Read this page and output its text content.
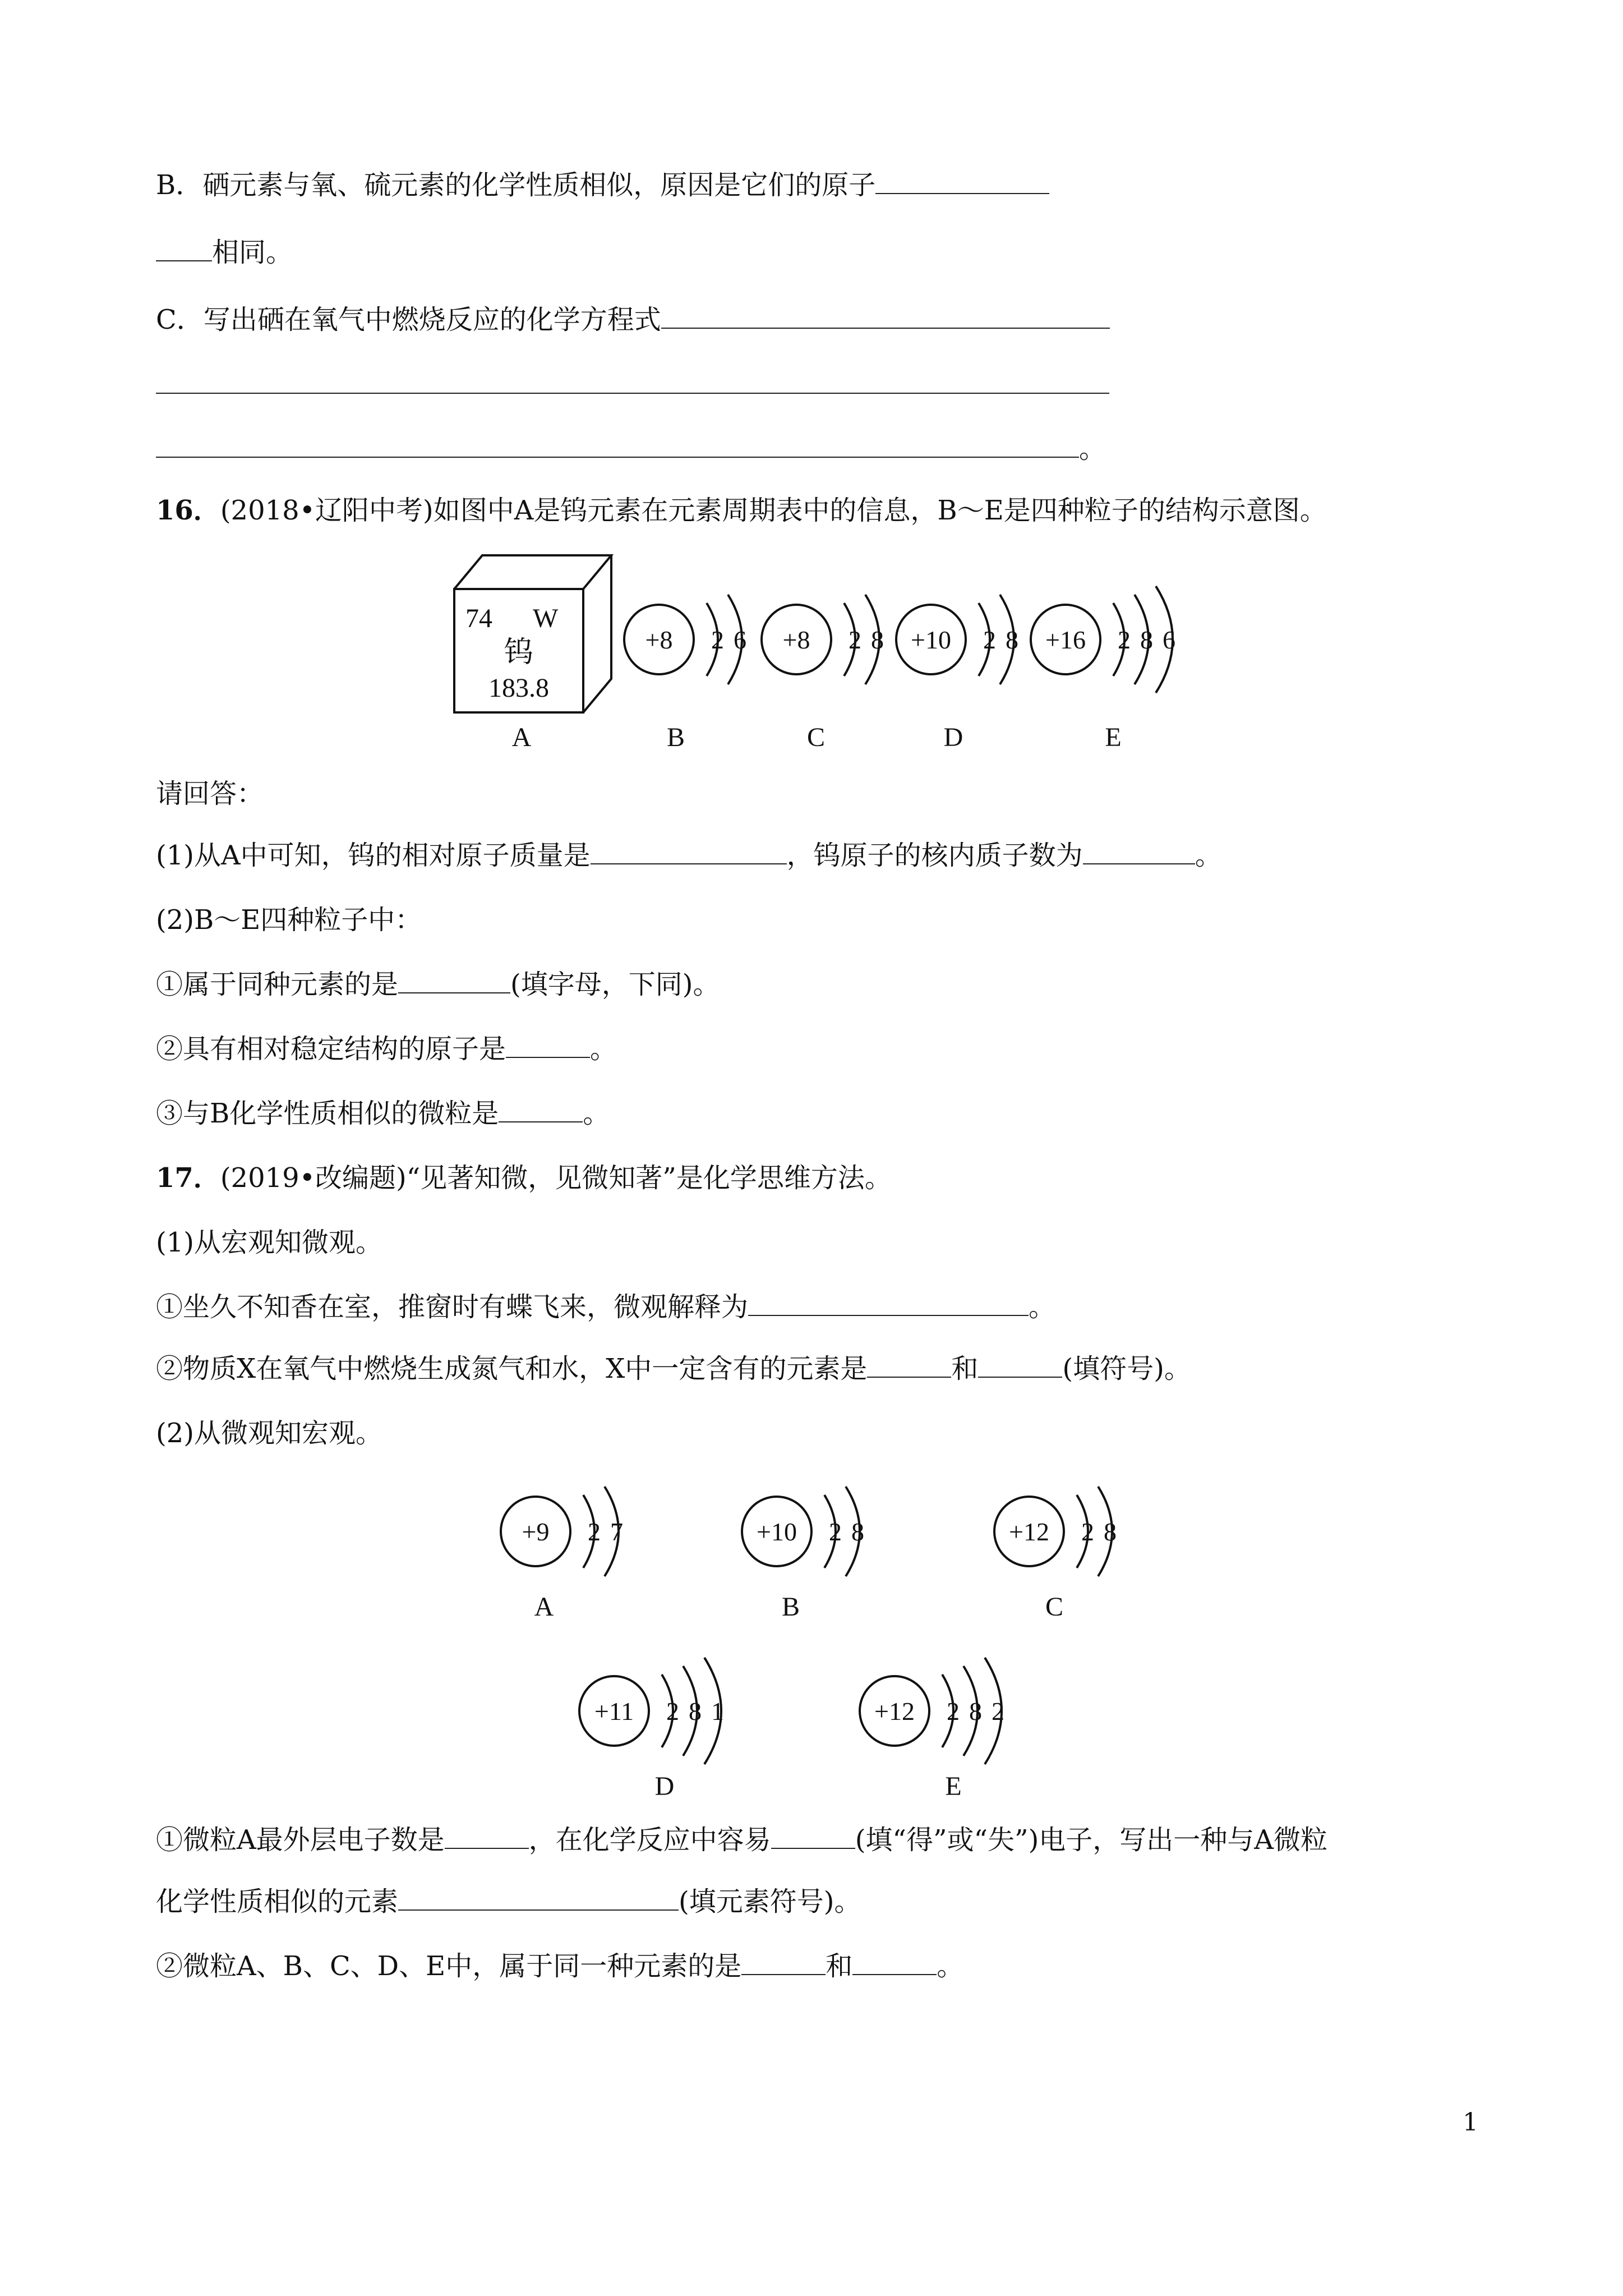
B．硒元素与氧、硫元素的化学性质相似，原因是它们的原子
相同。
C．写出硒在氧气中燃烧反应的化学方程式
。
16．(2018•辽阳中考)如图中A是钨元素在元素周期表中的信息，B～E是四种粒子的结构示意图。
74 W
钨
183.8
+8 2 6 +8 2 8 +10 2 8 +16 2 8 6
A	B	C	D	E
请回答：
(1)从A中可知，钨的相对原子质量是	，钨原子的核内质子数为	。
(2)B～E四种粒子中：
①属于同种元素的是	(填字母，下同)。
②具有相对稳定结构的原子是	。
③与B化学性质相似的微粒是	。
17．(2019•改编题)“见著知微，见微知著”是化学思维方法。
(1)从宏观知微观。
①坐久不知香在室，推窗时有蝶飞来，微观解释为	。
②物质X在氧气中燃烧生成氮气和水，X中一定含有的元素是	和	(填符号)。
(2)从微观知宏观。
+9 2 7
A
+10 2 8
B
+12 2 8
C
+11 2 8 1
D
+12 2 8 2
E
①微粒A最外层电子数是	，在化学反应中容易	(填“得”或“失”)电子，写出一种与A微粒
化学性质相似的元素	(填元素符号)。
②微粒A、B、C、D、E中，属于同一种元素的是	和	。
1
